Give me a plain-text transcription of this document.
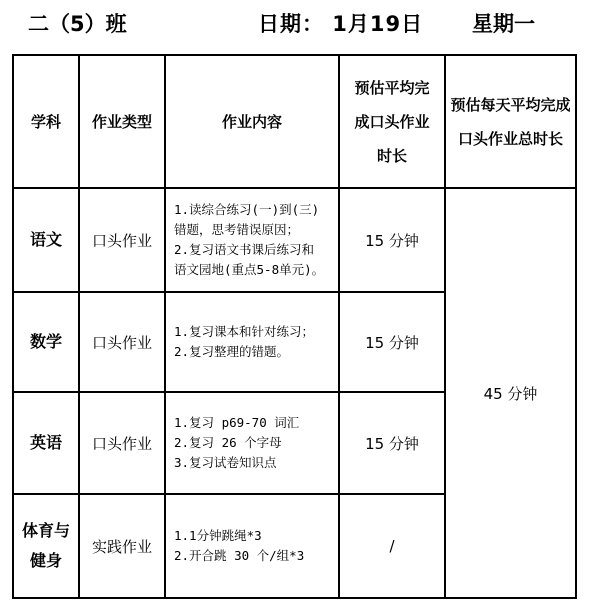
二（5）班	日期： 1月19日 星期一
学科	作业类型	作业内容	预估平均完成口头作业时长	预估每天平均完成口头作业总时长
语文	口头作业	1.读综合练习(一)到(三)
错题，思考错误原因；
2.复习语文书课后练习和
语文园地(重点5-8单元)。	15 分钟	45 分钟
数学	口头作业	1.复习课本和针对练习；
2.复习整理的错题。	15 分钟	
英语	口头作业	1.复习 p69-70 词汇
2.复习 26 个字母
3.复习试卷知识点	15 分钟	
体育与健身	实践作业	1.1分钟跳绳*3
2.开合跳 30 个/组*3	/	
